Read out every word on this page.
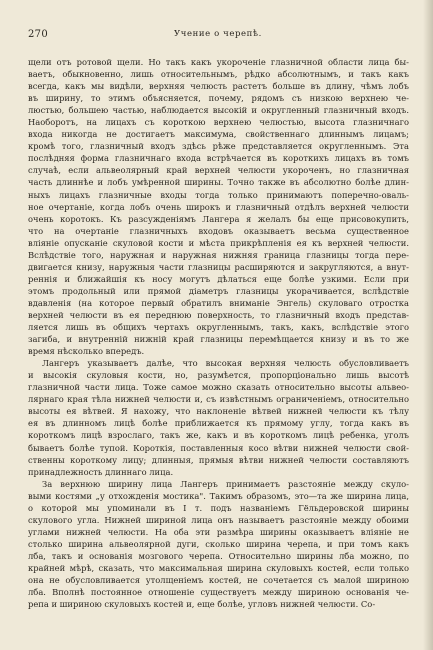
270	Учение о черепѣ.
щели отъ ротовой щели. Но такъ какъ укороченіе глазничной области лица бы-
ваетъ, обыкновенно, лишь относительнымъ, рѣдко абсолютнымъ, и такъ какъ
всегда, какъ мы видѣли, верхняя челюсть растетъ больше въ длину, чѣмъ лобъ
въ ширину, то этимъ объясняется, почему, рядомъ съ низкою верхнею че-
люстью, большею частью, наблюдается высокій и округленный глазничный входъ.
Наоборотъ, на лицахъ съ короткою верхнею челюстью, высота глазничнаго
входа никогда не достигаетъ максимума, свойственнаго длиннымъ лицамъ;
кромѣ того, глазничный входъ здѣсь рѣже представляется округленнымъ. Эта
послѣдняя форма глазничнаго входа встрѣчается въ короткихъ лицахъ въ томъ
случаѣ, если альвеолярный край верхней челюсти укороченъ, но глазничная
часть длиннѣе и лобъ умѣренной ширины. Точно также въ абсолютно болѣе длин-
ныхъ лицахъ глазничные входы тогда только принимаютъ поперечно-оваль-
ное очертаніе, когда лобъ очень широкъ и глазничный отдѣлъ верхней челюсти
очень коротокъ. Къ разсужденіямъ Лангера я желалъ бы еще присовокупить,
что на очертаніе глазничныхъ входовъ оказываетъ весьма существенное
вліяніе опусканіе скуловой кости и мѣста прикрѣпленія ея къ верхней челюсти.
Вслѣдствіе того, наружная и наружная нижняя граница глазницы тогда пере-
двигается книзу, наружныя части глазницы расширяются и закругляются, а внут-
реннія и ближайшія къ носу могутъ дѣлаться еще болѣе узкими. Если при
этомъ продольный или прямой діаметръ глазницы укорачивается, вслѣдствіе
вдавленія (на которое первый обратилъ вниманіе Энгель) скуловаго отростка
верхней челюсти въ ея переднюю поверхность, то глазничный входъ представ-
ляется лишь въ общихъ чертахъ округленнымъ, такъ, какъ, вслѣдствіе этого
загиба, и внутренній нижній край глазницы перемѣщается книзу и въ то же
время нѣсколько впередъ.
Лангеръ указываетъ далѣе, что высокая верхняя челюсть обусловливаетъ
и высокія скуловыя кости, но, разумѣется, пропорціонально лишь высотѣ
глазничной части лица. Тоже самое можно сказать относительно высоты альвео-
лярнаго края тѣла нижней челюсти и, съ извѣстнымъ ограниченіемъ, относительно
высоты ея вѣтвей. Я нахожу, что наклоненіе вѣтвей нижней челюсти къ тѣлу
ея въ длинномъ лицѣ болѣе приближается къ прямому углу, тогда какъ въ
короткомъ лицѣ взрослаго, такъ же, какъ и въ короткомъ лицѣ ребенка, уголъ
бываетъ болѣе тупой. Короткія, поставленныя косо вѣтви нижней челюсти свой-
ственны короткому лицу; длинныя, прямыя вѣтви нижней челюсти составляютъ
принадлежность длиннаго лица.
За верхнюю ширину лица Лангеръ принимаетъ разстояніе между скуло-
выми костями „у отхожденія мостика". Такимъ образомъ, это—та же ширина лица,
о которой мы упоминали въ I т. подъ названіемъ Гёльдеровской ширины
скулового угла. Нижней шириной лица онъ называетъ разстояніе между обоими
углами нижней челюсти. На оба эти размѣра ширины оказываетъ вліяніе не
столько ширина альвеолярной дуги, сколько ширина черепа, и при томъ какъ
лба, такъ и основанія мозгового черепа. Относительно ширины лба можно, по
крайней мѣрѣ, сказать, что максимальная ширина скуловыхъ костей, если только
она не обусловливается утолщеніемъ костей, не сочетается съ малой шириною
лба. Вполнѣ постоянное отношеніе существуетъ между шириною основанія че-
репа и шириною скуловыхъ костей и, еще болѣе, угловъ нижней челюсти. Со-
